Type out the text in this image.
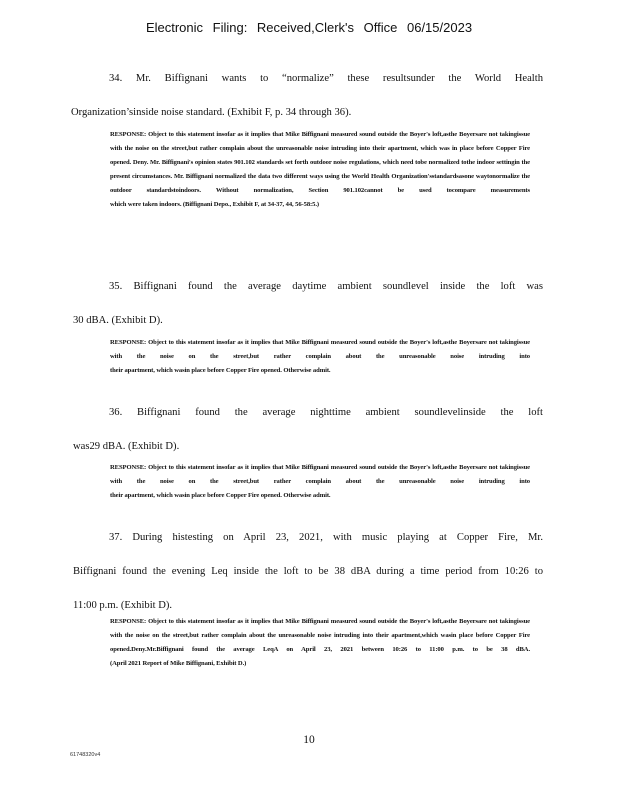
Electronic Filing: Received,Clerk's Office 06/15/2023
34. Mr. Biffignani wants to “normalize” these resultsunder the World Health
Organization’sinside noise standard. (Exhibit F, p. 34 through 36).
RESPONSE: Object to this statement insofar as it implies that Mike Biffignani measured sound outside the Boyer's loft,asthe Boyersare not takingissue with the noise on the street,but rather complain about the unreasonable noise intruding into their apartment, which was in place before Copper Fire opened. Deny. Mr. Biffignani's opinion states 901.102 standards set forth outdoor noise regulations, which need tobe normalized tothe indoor settingin the present circumstances. Mr. Biffignani normalized the data two different ways using the World Health Organization'sstandardsasone waytonormalize the outdoor standardstoindoors. Without normalization, Section 901.102cannot be used tocompare measurements
which were taken indoors. (Biffignani Depo., Exhibit F, at 34-37, 44, 56-58:5.)
35. Biffignani found the average daytime ambient soundlevel inside the loft was
30 dBA. (Exhibit D).
RESPONSE: Object to this statement insofar as it implies that Mike Biffignani measured sound outside the Boyer's loft,asthe Boyersare not takingissue with the noise on the street,but rather complain about the unreasonable noise intruding into
their apartment, which wasin place before Copper Fire opened. Otherwise admit.
36. Biffignani found the average nighttime ambient soundlevelinside the loft
was29 dBA. (Exhibit D).
RESPONSE: Object to this statement insofar as it implies that Mike Biffignani measured sound outside the Boyer's loft,asthe Boyersare not takingissue with the noise on the street,but rather complain about the unreasonable noise intruding into
their apartment, which wasin place before Copper Fire opened. Otherwise admit.
37. During histesting on April 23, 2021, with music playing at Copper Fire, Mr.
Biffignani found the evening Leq inside the loft to be 38 dBA during a time period from 10:26 to
11:00 p.m. (Exhibit D).
RESPONSE: Object to this statement insofar as it implies that Mike Biffignani measured sound outside the Boyer's loft,asthe Boyersare not takingissue with the noise on the street,but rather complain about the unreasonable noise intruding into their apartment,which wasin place before Copper Fire opened.Deny.Mr.Biffignani found the average LeqA on April 23, 2021 between 10:26 to 11:00 p.m. to be 38 dBA.
(April 2021 Report of Mike Biffignani, Exhibit D.)
10
61748320v4
